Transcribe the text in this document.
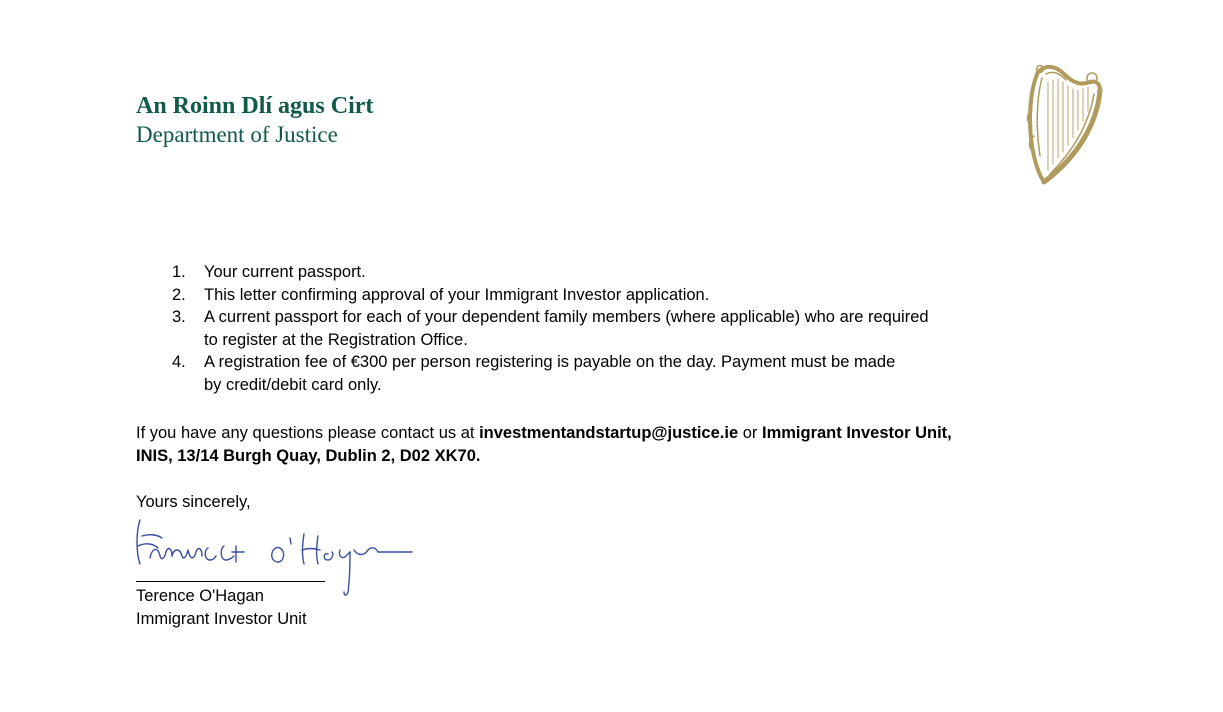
An Roinn Dlí agus Cirt
Department of Justice
1. Your current passport.
2. This letter confirming approval of your Immigrant Investor application.
3. A current passport for each of your dependent family members (where applicable) who are required
to register at the Registration Office.
4. A registration fee of €300 per person registering is payable on the day. Payment must be made
by credit/debit card only.

If you have any questions please contact us at investmentandstartup@justice.ie or Immigrant Investor Unit,
INIS, 13/14 Burgh Quay, Dublin 2, D02 XK70.

Yours sincerely,
Terence O'Hagan
Immigrant Investor Unit
